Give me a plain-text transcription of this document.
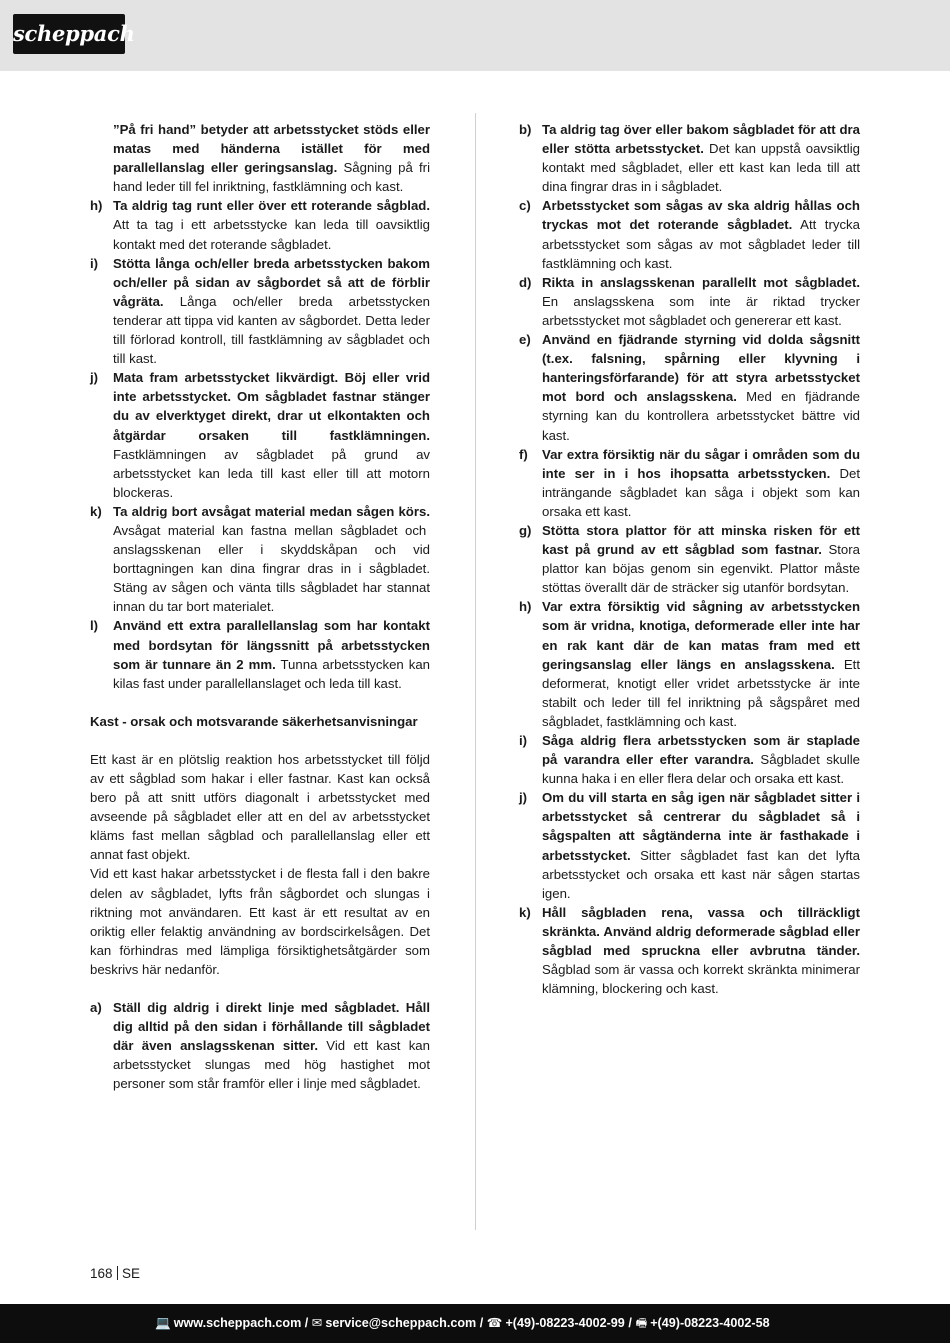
scheppach
”På fri hand” betyder att arbetsstycket stöds eller matas med händerna istället för med parallellanslag eller geringsanslag. Sågning på fri hand leder till fel inriktning, fastklämning och kast.
h) Ta aldrig tag runt eller över ett roterande sågblad. Att ta tag i ett arbetsstycke kan leda till oavsiktlig kontakt med det roterande sågbladet.
i) Stötta långa och/eller breda arbetsstycken bakom och/eller på sidan av sågbordet så att de förblir vågräta. Långa och/eller breda arbetsstycken tenderar att tippa vid kanten av sågbordet. Detta leder till förlorad kontroll, till fastklämning av sågbladet och till kast.
j) Mata fram arbetsstycket likvärdigt. Böj eller vrid inte arbetsstycket. Om sågbladet fastnar stänger du av elverktyget direkt, drar ut elkontakten och åtgärdar orsaken till fastklämningen. Fastklämningen av sågbladet på grund av arbetsstycket kan leda till kast eller till att motorn blockeras.
k) Ta aldrig bort avsågat material medan sågen körs. Avsågat material kan fastna mellan sågbladet och anslagsskenan eller i skyddskåpan och vid borttagningen kan dina fingrar dras in i sågbladet. Stäng av sågen och vänta tills sågbladet har stannat innan du tar bort materialet.
l) Använd ett extra parallellanslag som har kontakt med bordsytan för längssnitt på arbetsstycken som är tunnare än 2 mm. Tunna arbetsstycken kan kilas fast under parallellanslaget och leda till kast.
Kast - orsak och motsvarande säkerhetsanvisningar
Ett kast är en plötslig reaktion hos arbetsstycket till följd av ett sågblad som hakar i eller fastnar. Kast kan också bero på att snitt utförs diagonalt i arbetsstycket med avseende på sågbladet eller att en del av arbetsstycket kläms fast mellan sågblad och parallellanslag eller ett annat fast objekt.
Vid ett kast hakar arbetsstycket i de flesta fall i den bakre delen av sågbladet, lyfts från sågbordet och slungas i riktning mot användaren. Ett kast är ett resultat av en oriktig eller felaktig användning av bordscirkelsågen. Det kan förhindras med lämpliga försiktighetsåtgärder som beskrivs här nedanför.
a) Ställ dig aldrig i direkt linje med sågbladet. Håll dig alltid på den sidan i förhållande till sågbladet där även anslagsskenan sitter. Vid ett kast kan arbetsstycket slungas med hög hastighet mot personer som står framför eller i linje med sågbladet.
b) Ta aldrig tag över eller bakom sågbladet för att dra eller stötta arbetsstycket. Det kan uppstå oavsiktlig kontakt med sågbladet, eller ett kast kan leda till att dina fingrar dras in i sågbladet.
c) Arbetsstycket som sågas av ska aldrig hållas och tryckas mot det roterande sågbladet. Att trycka arbetsstycket som sågas av mot sågbladet leder till fastklämning och kast.
d) Rikta in anslagsskenan parallellt mot sågbladet. En anslagsskena som inte är riktad trycker arbetsstycket mot sågbladet och genererar ett kast.
e) Använd en fjädrande styrning vid dolda sågsnitt (t.ex. falsning, spårning eller klyvning i hanteringsförfarande) för att styra arbetsstycket mot bord och anslagsskena. Med en fjädrande styrning kan du kontrollera arbetsstycket bättre vid kast.
f) Var extra försiktig när du sågar i områden som du inte ser in i hos ihopsatta arbetsstycken. Det inträngande sågbladet kan såga i objekt som kan orsaka ett kast.
g) Stötta stora plattor för att minska risken för ett kast på grund av ett sågblad som fastnar. Stora plattor kan böjas genom sin egenvikt. Plattor måste stöttas överallt där de sträcker sig utanför bordsytan.
h) Var extra försiktig vid sågning av arbetsstycken som är vridna, knotiga, deformerade eller inte har en rak kant där de kan matas fram med ett geringsanslag eller längs en anslagsskena. Ett deformerat, knotigt eller vridet arbetsstycke är inte stabilt och leder till fel inriktning på sågspåret med sågbladet, fastklämning och kast.
i) Såga aldrig flera arbetsstycken som är staplade på varandra eller efter varandra. Sågbladet skulle kunna haka i en eller flera delar och orsaka ett kast.
j) Om du vill starta en såg igen när sågbladet sitter i arbetsstycket så centrerar du sågbladet så i sågspalten att sågtänderna inte är fasthakade i arbetsstycket. Sitter sågbladet fast kan det lyfta arbetsstycket och orsaka ett kast när sågen startas igen.
k) Håll sågbladen rena, vassa och tillräckligt skränkta. Använd aldrig deformerade sågblad eller sågblad med spruckna eller avbrutna tänder. Sågblad som är vassa och korrekt skränkta minimerar klämning, blockering och kast.
168 SE
💻 www.scheppach.com / ✉ service@scheppach.com / ☎ +(49)-08223-4002-99 / 🖷 +(49)-08223-4002-58
